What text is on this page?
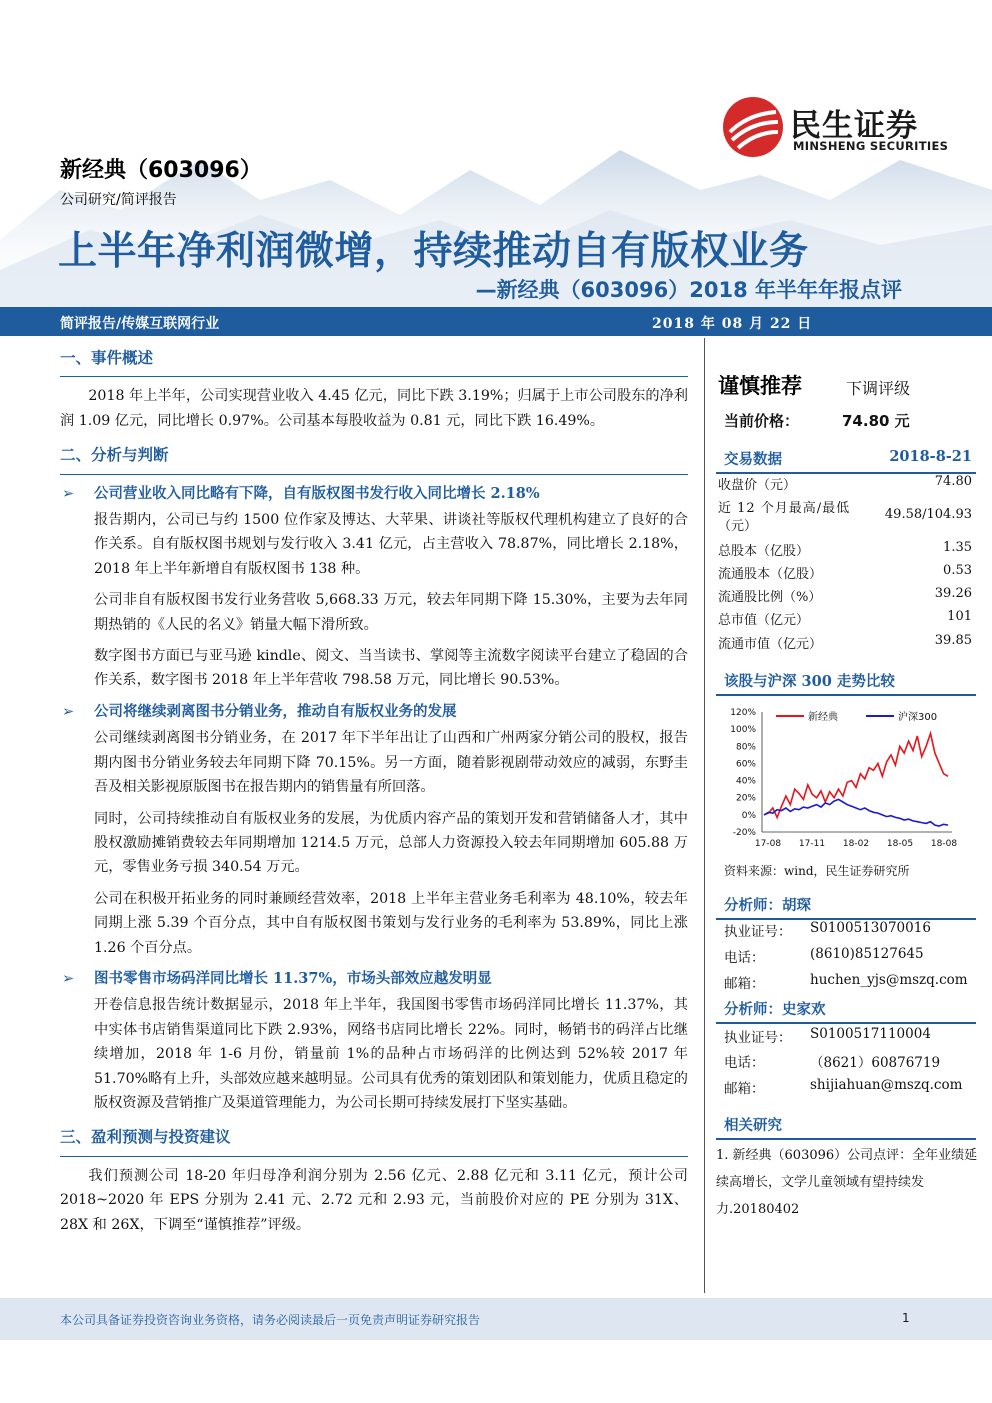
民生证券
MINSHENG SECURITIES
新经典（603096）
公司研究/简评报告
上半年净利润微增，持续推动自有版权业务
—新经典（603096）2018 年半年年报点评
简评报告/传媒互联网行业	2018 年 08 月 22 日
一、事件概述

2018 年上半年，公司实现营业收入 4.45 亿元，同比下跌 3.19%；归属于上市公司股东的净利润 1.09 亿元，同比增长 0.97%。公司基本每股收益为 0.81 元，同比下跌 16.49%。

二、分析与判断
➢ 公司营业收入同比略有下降，自有版权图书发行收入同比增长 2.18%

报告期内，公司已与约 1500 位作家及博达、大苹果、讲谈社等版权代理机构建立了良好的合作关系。自有版权图书规划与发行收入 3.41 亿元，占主营收入 78.87%，同比增长 2.18%，2018 年上半年新增自有版权图书 138 种。

公司非自有版权图书发行业务营收 5,668.33 万元，较去年同期下降 15.30%，主要为去年同期热销的《人民的名义》销量大幅下滑所致。

数字图书方面已与亚马逊 kindle、阅文、当当读书、掌阅等主流数字阅读平台建立了稳固的合作关系，数字图书 2018 年上半年营收 798.58 万元，同比增长 90.53%。

➢ 公司将继续剥离图书分销业务，推动自有版权业务的发展

公司继续剥离图书分销业务，在 2017 年下半年出让了山西和广州两家分销公司的股权，报告期内图书分销业务较去年同期下降 70.15%。另一方面，随着影视剧带动效应的减弱，东野圭吾及相关影视原版图书在报告期内的销售量有所回落。

同时，公司持续推动自有版权业务的发展，为优质内容产品的策划开发和营销储备人才，其中股权激励摊销费较去年同期增加 1214.5 万元，总部人力资源投入较去年同期增加 605.88 万元，零售业务亏损 340.54 万元。

公司在积极开拓业务的同时兼顾经营效率，2018 上半年主营业务毛利率为 48.10%，较去年同期上涨 5.39 个百分点，其中自有版权图书策划与发行业务的毛利率为 53.89%，同比上涨 1.26 个百分点。

➢ 图书零售市场码洋同比增长 11.37%，市场头部效应越发明显

开卷信息报告统计数据显示，2018 年上半年，我国图书零售市场码洋同比增长 11.37%，其中实体书店销售渠道同比下跌 2.93%，网络书店同比增长 22%。同时，畅销书的码洋占比继续增加，2018 年 1-6 月份，销量前 1%的品种占市场码洋的比例达到 52%较 2017 年 51.70%略有上升，头部效应越来越明显。公司具有优秀的策划团队和策划能力，优质且稳定的版权资源及营销推广及渠道管理能力，为公司长期可持续发展打下坚实基础。

三、盈利预测与投资建议

我们预测公司 18-20 年归母净利润分别为 2.56 亿元、2.88 亿元和 3.11 亿元，预计公司 2018~2020 年 EPS 分别为 2.41 元、2.72 元和 2.93 元，当前股价对应的 PE 分别为 31X、28X 和 26X，下调至“谨慎推荐”评级。

谨慎推荐	下调评级
当前价格：	74.80 元
交易数据	2018-8-21
收盘价（元）	74.80
近 12 个月最高/最低
（元）
49.58/104.93
总股本（亿股）	1.35
流通股本（亿股）	0.53
流通股比例（%）	39.26
总市值（亿元）	101
流通市值（亿元）	39.85
该股与沪深 300 走势比较
120%
100%
80%
60%
40%
20%
0%
-20%
17-08 17-11 18-02 18-05 18-08
新经典	沪深300
资料来源：wind，民生证券研究所
分析师：胡琛
执业证号： S0100513070016
电话：	(8610)85127645
邮箱：	huchen_yjs@mszq.com
分析师：史家欢
执业证号： S0100517110004
电话：	（8621）60876719
邮箱：	shijiahuan@mszq.com
相关研究
1. 新经典（603096）公司点评：全年业绩延续高增长，文学儿童领域有望持续发力.20180402
本公司具备证券投资咨询业务资格，请务必阅读最后一页免责声明证券研究报告	1
